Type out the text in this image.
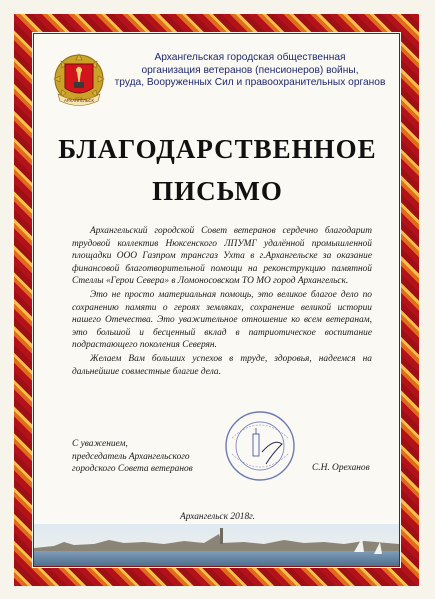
АРХАНГЕЛЬСК
Архангельская городская общественная
организация ветеранов (пенсионеров) войны,
труда, Вооруженных Сил и правоохранительных органов
БЛАГОДАРСТВЕННОЕ
ПИСЬМО

Архангельский городской Совет ветеранов сердечно благодарит трудовой коллектив Нюксенского ЛПУМГ удалённой промышленной площадки ООО Газпром трансгаз Ухта в г.Архангельске за оказание финансовой благотворительной помощи на реконструкцию памятной Стеллы «Герои Севера» в Ломоносовском ТО МО город Архангельск.

Это не просто материальная помощь, это великое благое дело по сохранению памяти о героях земляках, сохранение великой истории нашего Отечества. Это уважительное отношение ко всем ветеранам, это большой и бесценный вклад в патриотическое воспитание подрастающего поколения Северян.

Желаем Вам больших успехов в труде, здоровья, надеемся на дальнейшие совместные благие дела.

С уважением,
председатель Архангельского
городского Совета ветеранов	С.Н. Ореханов
Архангельск 2018г.
